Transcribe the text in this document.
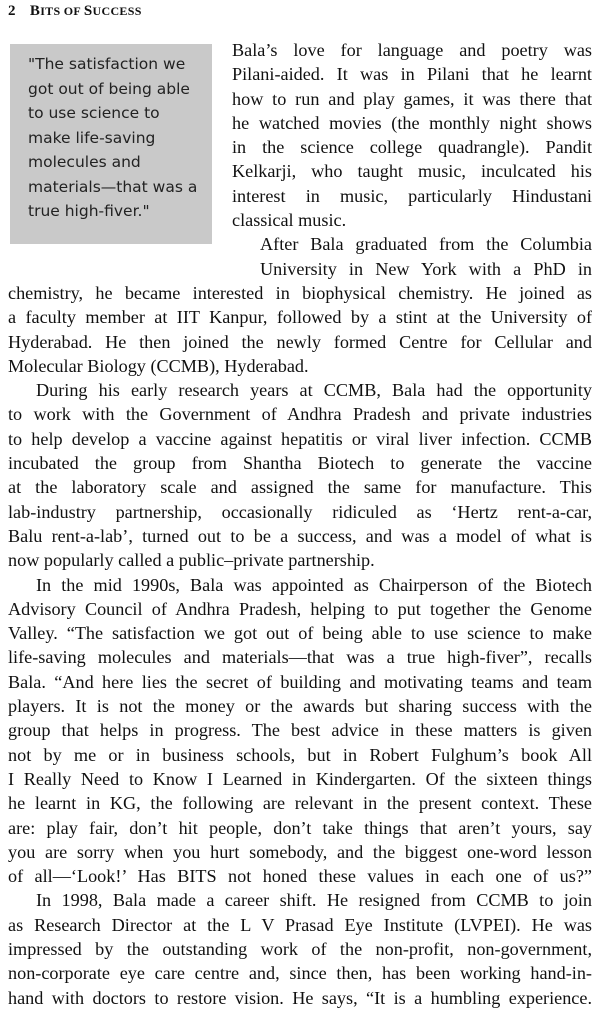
2 BITS OF SUCCESS

"The satisfaction we got out of being able to use science to make life-saving molecules and materials—that was a true high-fiver."

Bala’s love for language and poetry was
Pilani-aided. It was in Pilani that he learnt
how to run and play games, it was there that
he watched movies (the monthly night shows
in the science college quadrangle). Pandit
Kelkarji, who taught music, inculcated his
interest in music, particularly Hindustani
classical music.
After Bala graduated from the Columbia
University in New York with a PhD in
chemistry, he became interested in biophysical chemistry. He joined as
a faculty member at IIT Kanpur, followed by a stint at the University of
Hyderabad. He then joined the newly formed Centre for Cellular and
Molecular Biology (CCMB), Hyderabad.
During his early research years at CCMB, Bala had the opportunity
to work with the Government of Andhra Pradesh and private industries
to help develop a vaccine against hepatitis or viral liver infection. CCMB
incubated the group from Shantha Biotech to generate the vaccine
at the laboratory scale and assigned the same for manufacture. This
lab-industry partnership, occasionally ridiculed as ‘Hertz rent-a-car,
Balu rent-a-lab’, turned out to be a success, and was a model of what is
now popularly called a public–private partnership.
In the mid 1990s, Bala was appointed as Chairperson of the Biotech
Advisory Council of Andhra Pradesh, helping to put together the Genome
Valley. “The satisfaction we got out of being able to use science to make
life-saving molecules and materials—that was a true high-fiver”, recalls
Bala. “And here lies the secret of building and motivating teams and team
players. It is not the money or the awards but sharing success with the
group that helps in progress. The best advice in these matters is given
not by me or in business schools, but in Robert Fulghum’s book All
I Really Need to Know I Learned in Kindergarten. Of the sixteen things
he learnt in KG, the following are relevant in the present context. These
are: play fair, don’t hit people, don’t take things that aren’t yours, say
you are sorry when you hurt somebody, and the biggest one-word lesson
of all—‘Look!’ Has BITS not honed these values in each one of us?”
In 1998, Bala made a career shift. He resigned from CCMB to join
as Research Director at the L V Prasad Eye Institute (LVPEI). He was
impressed by the outstanding work of the non-profit, non-government,
non-corporate eye care centre and, since then, has been working hand-in-
hand with doctors to restore vision. He says, “It is a humbling experience.
